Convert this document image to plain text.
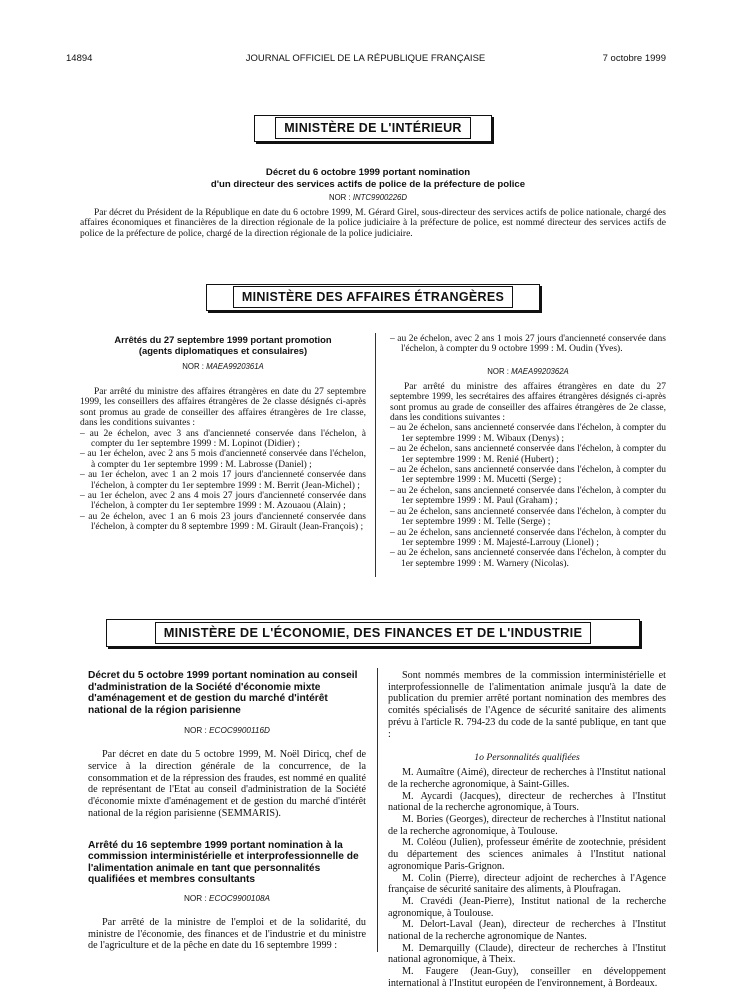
14894	JOURNAL OFFICIEL DE LA RÉPUBLIQUE FRANÇAISE	7 octobre 1999
MINISTÈRE DE L'INTÉRIEUR
Décret du 6 octobre 1999 portant nomination
d'un directeur des services actifs de police de la préfecture de police
NOR : INTC9900226D

Par décret du Président de la République en date du 6 octobre 1999, M. Gérard Girel, sous-directeur des services actifs de police nationale, chargé des affaires économiques et financières de la direction régionale de la police judiciaire à la préfecture de police, est nommé directeur des services actifs de police de la préfecture de police, chargé de la direction régionale de la police judiciaire.

MINISTÈRE DES AFFAIRES ÉTRANGÈRES
Arrêtés du 27 septembre 1999 portant promotion
(agents diplomatiques et consulaires)
NOR : MAEA9920361A

Par arrêté du ministre des affaires étrangères en date du 27 septembre 1999, les conseillers des affaires étrangères de 2e classe désignés ci-après sont promus au grade de conseiller des affaires étrangères de 1re classe, dans les conditions suivantes :

– au 2e échelon, avec 3 ans d'ancienneté conservée dans l'échelon, à compter du 1er septembre 1999 : M. Lopinot (Didier) ;
– au 1er échelon, avec 2 ans 5 mois d'ancienneté conservée dans l'échelon, à compter du 1er septembre 1999 : M. Labrosse (Daniel) ;
– au 1er échelon, avec 1 an 2 mois 17 jours d'ancienneté conservée dans l'échelon, à compter du 1er septembre 1999 : M. Berrit (Jean-Michel) ;
– au 1er échelon, avec 2 ans 4 mois 27 jours d'ancienneté conservée dans l'échelon, à compter du 1er septembre 1999 : M. Azouaou (Alain) ;
– au 2e échelon, avec 1 an 6 mois 23 jours d'ancienneté conservée dans l'échelon, à compter du 8 septembre 1999 : M. Girault (Jean-François) ;
– au 2e échelon, avec 2 ans 1 mois 27 jours d'ancienneté conservée dans l'échelon, à compter du 9 octobre 1999 : M. Oudin (Yves).
NOR : MAEA9920362A

Par arrêté du ministre des affaires étrangères en date du 27 septembre 1999, les secrétaires des affaires étrangères désignés ci-après sont promus au grade de conseiller des affaires étrangères de 2e classe, dans les conditions suivantes :

– au 2e échelon, sans ancienneté conservée dans l'échelon, à compter du 1er septembre 1999 : M. Wibaux (Denys) ;
– au 2e échelon, sans ancienneté conservée dans l'échelon, à compter du 1er septembre 1999 : M. Renié (Hubert) ;
– au 2e échelon, sans ancienneté conservée dans l'échelon, à compter du 1er septembre 1999 : M. Mucetti (Serge) ;
– au 2e échelon, sans ancienneté conservée dans l'échelon, à compter du 1er septembre 1999 : M. Paul (Graham) ;
– au 2e échelon, sans ancienneté conservée dans l'échelon, à compter du 1er septembre 1999 : M. Telle (Serge) ;
– au 2e échelon, sans ancienneté conservée dans l'échelon, à compter du 1er septembre 1999 : M. Majesté-Larrouy (Lionel) ;
– au 2e échelon, sans ancienneté conservée dans l'échelon, à compter du 1er septembre 1999 : M. Warnery (Nicolas).
MINISTÈRE DE L'ÉCONOMIE, DES FINANCES ET DE L'INDUSTRIE
Décret du 5 octobre 1999 portant nomination au conseil d'administration de la Société d'économie mixte d'aménagement et de gestion du marché d'intérêt national de la région parisienne
NOR : ECOC9900116D

Par décret en date du 5 octobre 1999, M. Noël Diricq, chef de service à la direction générale de la concurrence, de la consommation et de la répression des fraudes, est nommé en qualité de représentant de l'Etat au conseil d'administration de la Société d'économie mixte d'aménagement et de gestion du marché d'intérêt national de la région parisienne (SEMMARIS).

Arrêté du 16 septembre 1999 portant nomination à la commission interministérielle et interprofessionnelle de l'alimentation animale en tant que personnalités qualifiées et membres consultants
NOR : ECOC9900108A

Par arrêté de la ministre de l'emploi et de la solidarité, du ministre de l'économie, des finances et de l'industrie et du ministre de l'agriculture et de la pêche en date du 16 septembre 1999 :

Sont nommés membres de la commission interministérielle et interprofessionnelle de l'alimentation animale jusqu'à la date de publication du premier arrêté portant nomination des membres des comités spécialisés de l'Agence de sécurité sanitaire des aliments prévu à l'article R. 794-23 du code de la santé publique, en tant que :

1o Personnalités qualifiées

M. Aumaître (Aimé), directeur de recherches à l'Institut national de la recherche agronomique, à Saint-Gilles.

M. Aycardi (Jacques), directeur de recherches à l'Institut national de la recherche agronomique, à Tours.

M. Bories (Georges), directeur de recherches à l'Institut national de la recherche agronomique, à Toulouse.

M. Coléou (Julien), professeur émérite de zootechnie, président du département des sciences animales à l'Institut national agronomique Paris-Grignon.

M. Colin (Pierre), directeur adjoint de recherches à l'Agence française de sécurité sanitaire des aliments, à Ploufragan.

M. Cravédi (Jean-Pierre), Institut national de la recherche agronomique, à Toulouse.

M. Delort-Laval (Jean), directeur de recherches à l'Institut national de la recherche agronomique de Nantes.

M. Demarquilly (Claude), directeur de recherches à l'Institut national agronomique, à Theix.

M. Faugere (Jean-Guy), conseiller en développement international à l'Institut européen de l'environnement, à Bordeaux.
